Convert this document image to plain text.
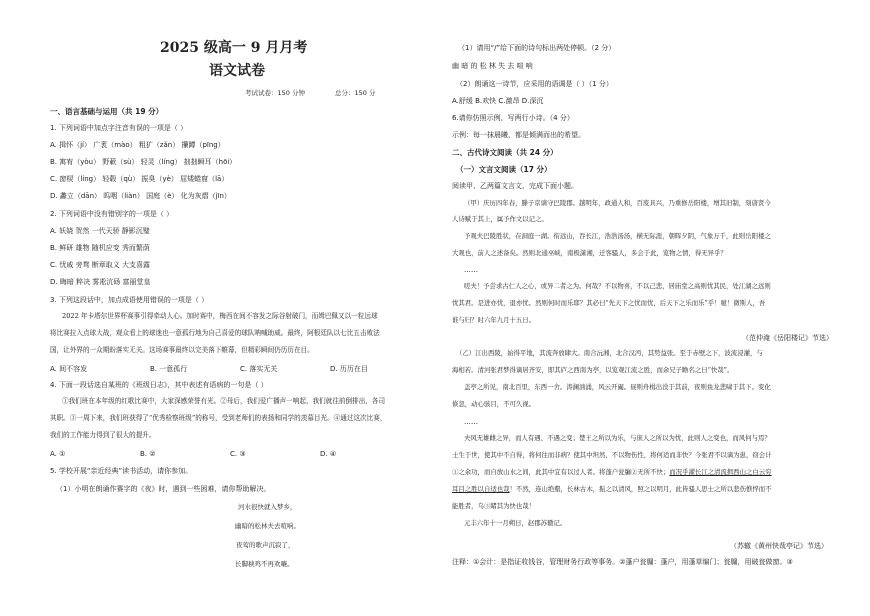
2025 级高一 9 月月考
语文试卷
考试试卷：150 分钟	总分：150 分
一、语言基础与运用（共 19 分）
1. 下列词语中加点字注音有误的一项是（ ）
A. 揖怀（jí） 广袤（mào） 粗犷（zǎn） 攥蹲（pīng）
B. 寓宥（yòu） 野蔌（sù） 轻灵（líng） 拙拙瞬耳（hōi）
C. 窗棂（líng） 轻毂（qù） 振臭（yè） 屈矮蜷窟（lā）
D. 蠡立（dān） 呜咽（liàn） 国庭（è） 化为灰熠（jīn）
2. 下列词语中没有错别字的一项是（ ）
A. 妖娆 贺然 一代天骄 静影沉璧
B. 鲜研 雄物 随机应变 秀而繁荫
C. 忧戚 旁骛 断章取义 大支喜露
D. 晦暗 粹决 雾凇沆砀 富丽堂皇
3. 下列这段话中，加点成语使用错误的一项是（ ）
2022 年卡塔尔世界杯赛事引得牵动人心。加时赛中，梅西在间不容发之际谷射破门，而姆巴佩又以一粒远球
将比赛拉入点球大战，观众看上的球迷也一意孤行地为自己喜爱的球队呐喊助威。最终，阿根廷队以七比五击败法
国，让外界的一众期盼落实无关。这场赛事最终以完美落下帷幕，但精彩瞬间仍历历在目。
A. 间不容发	B. 一意孤行	C. 落实无关	D. 历历在目
4. 下面一段话选自某班的《班级日志》，其中表述有语病的一句是（ ）
①我们班在本年级的红歌比赛中，大家深感荣誉有光。②母后，我们爱广播声一响起，我们就往前倒排出，各司
其职。③一周下来，我们班获得了“优秀检察班级”的称号，受到老师们的表扬和同学的羡慕目光。④通过这次比赛，
我们的工作能力得到了很大的提升。
A. ①	B. ②	C. ③	D. ④
5. 学校开展“亲近经典”读书活动，请你参加。
（1）小明在朗诵作赛字的《夜》时，遇到一些困难，请你帮助解决。
河水很快就入梦乡，
幽暗的松林夫去喧响。
夜莺的歌声沉寂了，
长脚秧鸡不再欢嚷。
（1）请用“/”给下面的诗句标出两处停顿。（2 分）
幽 暗 的 松 林 失 去 喧 响
（2）朗诵这一诗节，应采用的语调是（ ）（1 分）
A.舒缓 B.欢快 C.激昂 D.深沉
6.请你仿照示例，写两行小诗。（4 分）
示例：每一抹晨曦，都是倾满而出的希望。
二、古代诗文阅读（共 24 分）
（一）文言文阅读（17 分）
阅读甲、乙两篇文言文，完成下面小题。
（甲）庆历四年春，滕子京谪守巴陵郡。越明年，政通人和，百废具兴，乃重修岳阳楼，增其旧制，刻唐贤今
人诗赋于其上，属予作文以记之。
予观夫巴陵胜状，在洞庭一湖。衔远山，吞长江，浩浩汤汤，横无际涯，朝晖夕阴，气象万千，此则岳阳楼之
大观也，前人之述备矣。然则北通巫峡，南极潇湘，迁客骚人，多会于此，览物之情，得无异乎？
……
嗟夫！予尝求古仁人之心，或异二者之为。何哉？不以物喜，不以己悲，居庙堂之高则忧其民，处江湖之远则
忧其君。是进亦忧，退亦忧。然则何时而乐耶？其必曰“先天下之忧而忧，后天下之乐而乐”乎！噫！微斯人，吾
谁与归？时六年九月十五日。
（范仲淹《岳阳楼记》节选）
（乙）江出西陵，始得平地，其流奔放肆大。南合沅湘，北合汉沔，其势益张。至于赤壁之下，波流浸灌，与
海相若。清河张君梦得谪居齐安，即其庐之西南为亭，以览观江流之胜，而余兄子瞻名之曰“快哉”。
盖亭之所见，南北百里，东西一舍。涛澜汹涌，风云开阖。昼则舟楫出没于其前，夜则鱼龙悲啸于其下。变化
倏忽，动心骇目，不可久视。
……
夫风无雄雌之异，而人有遇、不遇之变；楚王之所以为乐，与庶人之所以为忧，此则人之变也，而风何与焉？
士生于世，使其中不自得，将何往而非病？使其中坦然，不以物伤性，将何适而非快？今张君不以谪为患，窃会计
①之余功，而自放山水之间，此其中宜有以过人者。将蓬户瓮牖②无所不快；而况乎濯长江之清流揖西山之白云穷
耳目之胜以自适也哉！不然，连山绝壑，长林古木，振之以清风，照之以明月，此皆骚人思士之所以悲伤憔悴而不
能胜者，乌③睹其为快也哉！
元丰六年十一月朔日，赵郡苏辙记。
（苏辙《黄州快哉亭记》节选）
注释：①会计：是指证收钱谷，管理财务行政等事务。②蓬户瓮牖：蓬户，用蓬草编门；瓮牖，用破瓮做窗。③
